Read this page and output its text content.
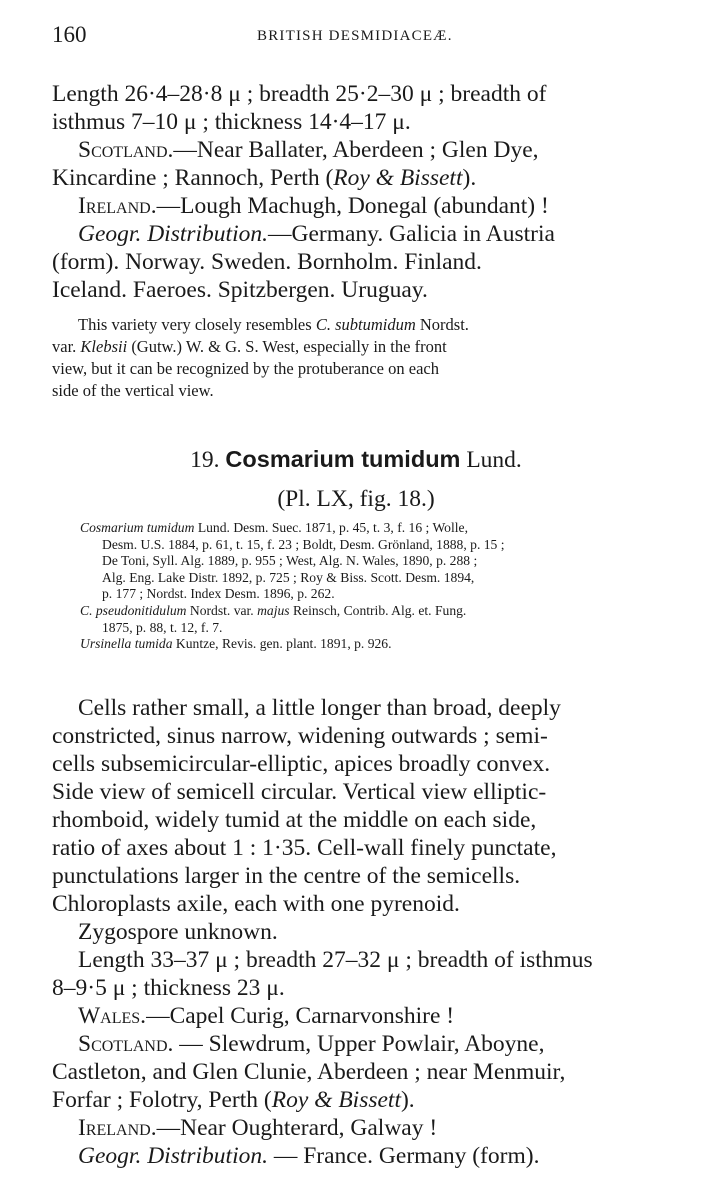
160	BRITISH DESMIDIACEÆ.
Length 26·4–28·8 μ ; breadth 25·2–30 μ ; breadth of
isthmus 7–10 μ ; thickness 14·4–17 μ.
Scotland.—Near Ballater, Aberdeen ; Glen Dye,
Kincardine ; Rannoch, Perth (Roy & Bissett).
Ireland.—Lough Machugh, Donegal (abundant) !
Geogr. Distribution.—Germany. Galicia in Austria
(form). Norway. Sweden. Bornholm. Finland.
Iceland. Faeroes. Spitzbergen. Uruguay.
This variety very closely resembles C. subtumidum Nordst.
var. Klebsii (Gutw.) W. & G. S. West, especially in the front
view, but it can be recognized by the protuberance on each
side of the vertical view.
19. Cosmarium tumidum Lund.
(Pl. LX, fig. 18.)
Cosmarium tumidum Lund. Desm. Suec. 1871, p. 45, t. 3, f. 16 ; Wolle,
Desm. U.S. 1884, p. 61, t. 15, f. 23 ; Boldt, Desm. Grönland, 1888, p. 15 ;
De Toni, Syll. Alg. 1889, p. 955 ; West, Alg. N. Wales, 1890, p. 288 ;
Alg. Eng. Lake Distr. 1892, p. 725 ; Roy & Biss. Scott. Desm. 1894,
p. 177 ; Nordst. Index Desm. 1896, p. 262.
C. pseudonitidulum Nordst. var. majus Reinsch, Contrib. Alg. et. Fung.
1875, p. 88, t. 12, f. 7.
Ursinella tumida Kuntze, Revis. gen. plant. 1891, p. 926.
Cells rather small, a little longer than broad, deeply
constricted, sinus narrow, widening outwards ; semi-
cells subsemicircular-elliptic, apices broadly convex.
Side view of semicell circular. Vertical view elliptic-
rhomboid, widely tumid at the middle on each side,
ratio of axes about 1 : 1·35. Cell-wall finely punctate,
punctulations larger in the centre of the semicells.
Chloroplasts axile, each with one pyrenoid.
Zygospore unknown.
Length 33–37 μ ; breadth 27–32 μ ; breadth of isthmus
8–9·5 μ ; thickness 23 μ.
Wales.—Capel Curig, Carnarvonshire !
Scotland. — Slewdrum, Upper Powlair, Aboyne,
Castleton, and Glen Clunie, Aberdeen ; near Menmuir,
Forfar ; Folotry, Perth (Roy & Bissett).
Ireland.—Near Oughterard, Galway !
Geogr. Distribution. — France. Germany (form).
